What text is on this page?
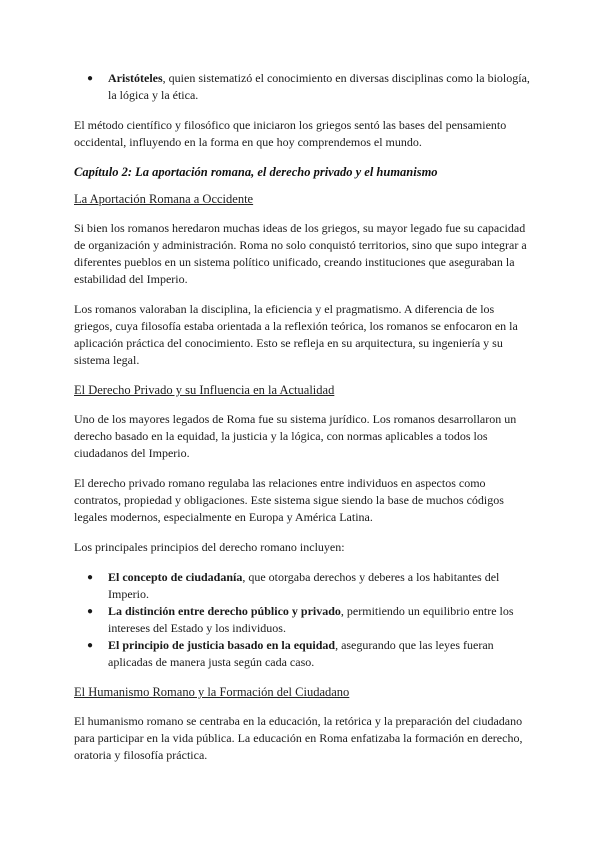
● Aristóteles, quien sistematizó el conocimiento en diversas disciplinas como la biología, la lógica y la ética.

El método científico y filosófico que iniciaron los griegos sentó las bases del pensamiento occidental, influyendo en la forma en que hoy comprendemos el mundo.

Capítulo 2: La aportación romana, el derecho privado y el humanismo
La Aportación Romana a Occidente

Si bien los romanos heredaron muchas ideas de los griegos, su mayor legado fue su capacidad de organización y administración. Roma no solo conquistó territorios, sino que supo integrar a diferentes pueblos en un sistema político unificado, creando instituciones que aseguraban la estabilidad del Imperio.

Los romanos valoraban la disciplina, la eficiencia y el pragmatismo. A diferencia de los griegos, cuya filosofía estaba orientada a la reflexión teórica, los romanos se enfocaron en la aplicación práctica del conocimiento. Esto se refleja en su arquitectura, su ingeniería y su sistema legal.

El Derecho Privado y su Influencia en la Actualidad

Uno de los mayores legados de Roma fue su sistema jurídico. Los romanos desarrollaron un derecho basado en la equidad, la justicia y la lógica, con normas aplicables a todos los ciudadanos del Imperio.

El derecho privado romano regulaba las relaciones entre individuos en aspectos como contratos, propiedad y obligaciones. Este sistema sigue siendo la base de muchos códigos legales modernos, especialmente en Europa y América Latina.

Los principales principios del derecho romano incluyen:

● El concepto de ciudadanía, que otorgaba derechos y deberes a los habitantes del Imperio.
● La distinción entre derecho público y privado, permitiendo un equilibrio entre los intereses del Estado y los individuos.
● El principio de justicia basado en la equidad, asegurando que las leyes fueran aplicadas de manera justa según cada caso.
El Humanismo Romano y la Formación del Ciudadano

El humanismo romano se centraba en la educación, la retórica y la preparación del ciudadano para participar en la vida pública. La educación en Roma enfatizaba la formación en derecho, oratoria y filosofía práctica.
